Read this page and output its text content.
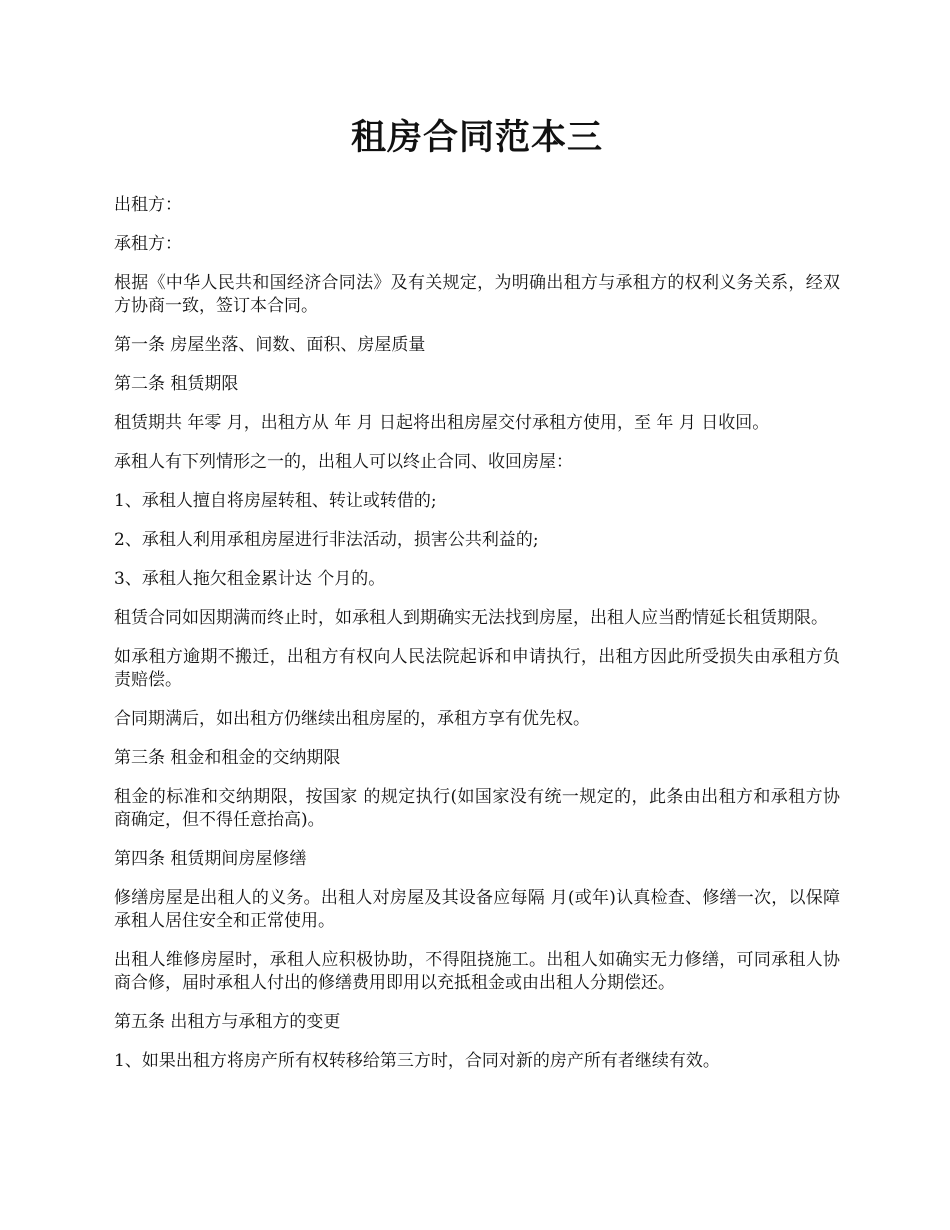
租房合同范本三

出租方：

承租方：

根据《中华人民共和国经济合同法》及有关规定，为明确出租方与承租方的权利义务关系，经双方协商一致，签订本合同。

第一条 房屋坐落、间数、面积、房屋质量

第二条 租赁期限

租赁期共 年零 月，出租方从 年 月 日起将出租房屋交付承租方使用，至 年 月 日收回。

承租人有下列情形之一的，出租人可以终止合同、收回房屋：

1、承租人擅自将房屋转租、转让或转借的;

2、承租人利用承租房屋进行非法活动，损害公共利益的;

3、承租人拖欠租金累计达 个月的。

租赁合同如因期满而终止时，如承租人到期确实无法找到房屋，出租人应当酌情延长租赁期限。

如承租方逾期不搬迁，出租方有权向人民法院起诉和申请执行，出租方因此所受损失由承租方负责赔偿。

合同期满后，如出租方仍继续出租房屋的，承租方享有优先权。

第三条 租金和租金的交纳期限

租金的标准和交纳期限，按国家 的规定执行(如国家没有统一规定的，此条由出租方和承租方协商确定，但不得任意抬高)。

第四条 租赁期间房屋修缮

修缮房屋是出租人的义务。出租人对房屋及其设备应每隔 月(或年)认真检查、修缮一次，以保障承租人居住安全和正常使用。

出租人维修房屋时，承租人应积极协助，不得阻挠施工。出租人如确实无力修缮，可同承租人协商合修，届时承租人付出的修缮费用即用以充抵租金或由出租人分期偿还。

第五条 出租方与承租方的变更

1、如果出租方将房产所有权转移给第三方时，合同对新的房产所有者继续有效。
